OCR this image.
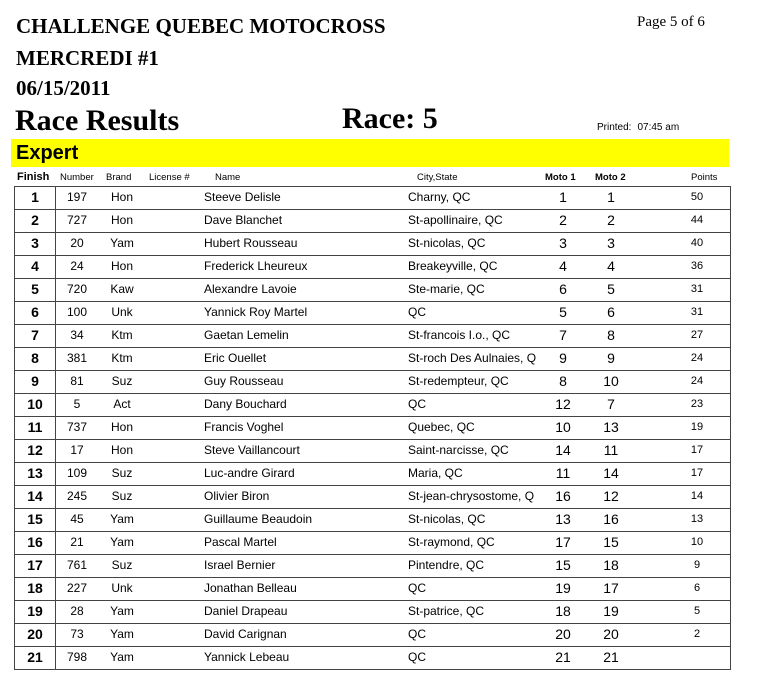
CHALLENGE QUEBEC MOTOCROSS
MERCREDI #1
06/15/2011
Page 5 of 6
Race Results	Race: 5	Printed: 07:45 am
Expert
Finish Number Brand License #	Name	City,State	Moto 1 Moto 2	Points
1	197	Hon	Steeve Delisle	Charny, QC	1	1	50
2	727	Hon	Dave Blanchet	St-apollinaire, QC	2	2	44
3	20	Yam	Hubert Rousseau	St-nicolas, QC	3	3	40
4	24	Hon	Frederick Lheureux	Breakeyville, QC	4	4	36
5	720	Kaw	Alexandre Lavoie	Ste-marie, QC	6	5	31
6	100	Unk	Yannick Roy Martel	QC	5	6	31
7	34	Ktm	Gaetan Lemelin	St-francois I.o., QC	7	8	27
8	381	Ktm	Eric Ouellet	St-roch Des Aulnaies, Q	9	9	24
9	81	Suz	Guy Rousseau	St-redempteur, QC	8	10	24
10	5	Act	Dany Bouchard	QC	12	7	23
11	737	Hon	Francis Voghel	Quebec, QC	10	13	19
12	17	Hon	Steve Vaillancourt	Saint-narcisse, QC	14	11	17
13	109	Suz	Luc-andre Girard	Maria, QC	11	14	17
14	245	Suz	Olivier Biron	St-jean-chrysostome, Q	16	12	14
15	45	Yam	Guillaume Beaudoin	St-nicolas, QC	13	16	13
16	21	Yam	Pascal Martel	St-raymond, QC	17	15	10
17	761	Suz	Israel Bernier	Pintendre, QC	15	18	9
18	227	Unk	Jonathan Belleau	QC	19	17	6
19	28	Yam	Daniel Drapeau	St-patrice, QC	18	19	5
20	73	Yam	David Carignan	QC	20	20	2
21	798	Yam	Yannick Lebeau	QC	21	21
